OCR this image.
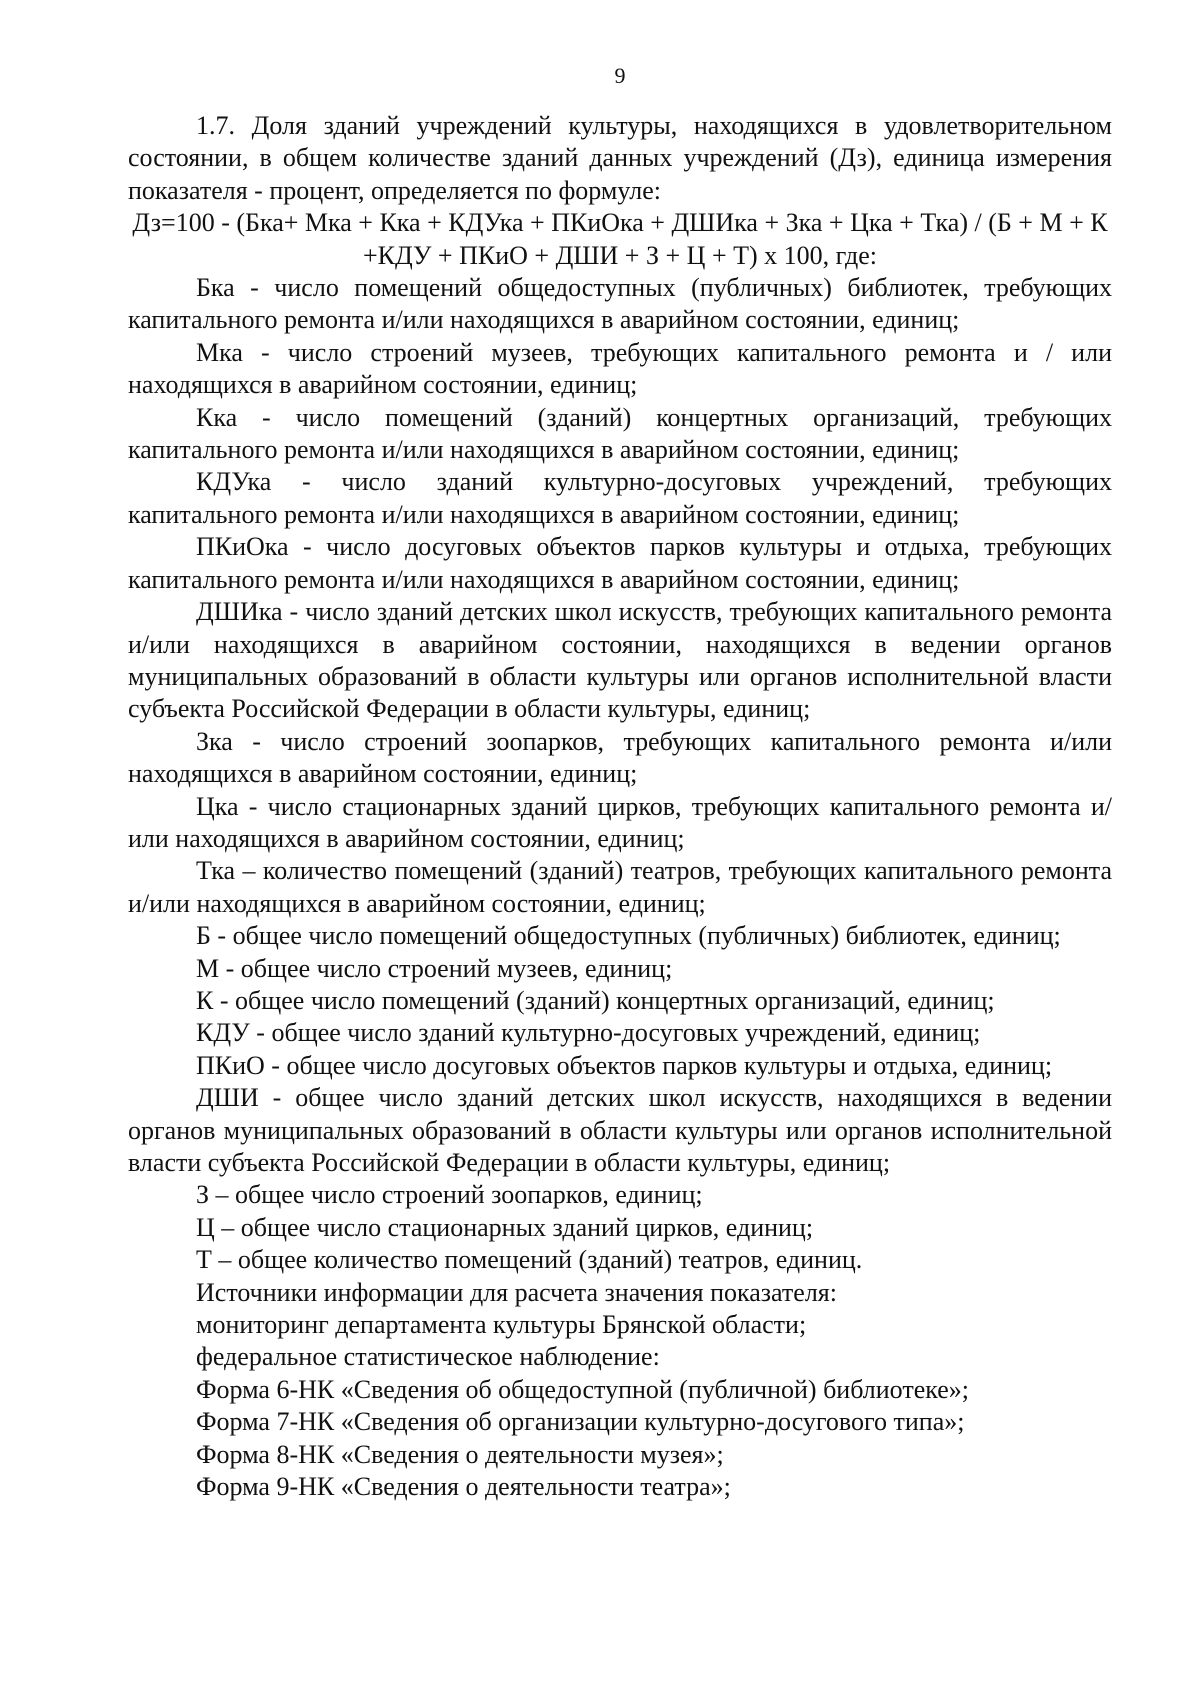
9

1.7. Доля зданий учреждений культуры, находящихся в удовлетворительном состоянии, в общем количестве зданий данных учреждений (Дз), единица измерения показателя - процент, определяется по формуле:

Дз=100 - (Бка+ Мка + Кка + КДУка + ПКиОка + ДШИка + Зка + Цка + Тка) / (Б + М + К

+КДУ + ПКиО + ДШИ + З + Ц + Т) х 100, где:

Бка - число помещений общедоступных (публичных) библиотек, требующих капитального ремонта и/или находящихся в аварийном состоянии, единиц;

Мка - число строений музеев, требующих капитального ремонта и / или находящихся в аварийном состоянии, единиц;

Кка - число помещений (зданий) концертных организаций, требующих капитального ремонта и/или находящихся в аварийном состоянии, единиц;

КДУка - число зданий культурно-досуговых учреждений, требующих капитального ремонта и/или находящихся в аварийном состоянии, единиц;

ПКиОка - число досуговых объектов парков культуры и отдыха, требующих капитального ремонта и/или находящихся в аварийном состоянии, единиц;

ДШИка - число зданий детских школ искусств, требующих капитального ремонта и/или находящихся в аварийном состоянии, находящихся в ведении органов муниципальных образований в области культуры или органов исполнительной власти субъекта Российской Федерации в области культуры, единиц;

Зка - число строений зоопарков, требующих капитального ремонта и/или находящихся в аварийном состоянии, единиц;

Цка - число стационарных зданий цирков, требующих капитального ремонта и/или находящихся в аварийном состоянии, единиц;

Тка – количество помещений (зданий) театров, требующих капитального ремонта и/или находящихся в аварийном состоянии, единиц;

Б - общее число помещений общедоступных (публичных) библиотек, единиц;

М - общее число строений музеев, единиц;

К - общее число помещений (зданий) концертных организаций, единиц;

КДУ - общее число зданий культурно-досуговых учреждений, единиц;

ПКиО - общее число досуговых объектов парков культуры и отдыха, единиц;

ДШИ - общее число зданий детских школ искусств, находящихся в ведении органов муниципальных образований в области культуры или органов исполнительной власти субъекта Российской Федерации в области культуры, единиц;

З – общее число строений зоопарков, единиц;

Ц – общее число стационарных зданий цирков, единиц;

Т – общее количество помещений (зданий) театров, единиц.

Источники информации для расчета значения показателя:

мониторинг департамента культуры Брянской области;

федеральное статистическое наблюдение:

Форма 6-НК «Сведения об общедоступной (публичной) библиотеке»;

Форма 7-НК «Сведения об организации культурно-досугового типа»;

Форма 8-НК «Сведения о деятельности музея»;

Форма 9-НК «Сведения о деятельности театра»;
